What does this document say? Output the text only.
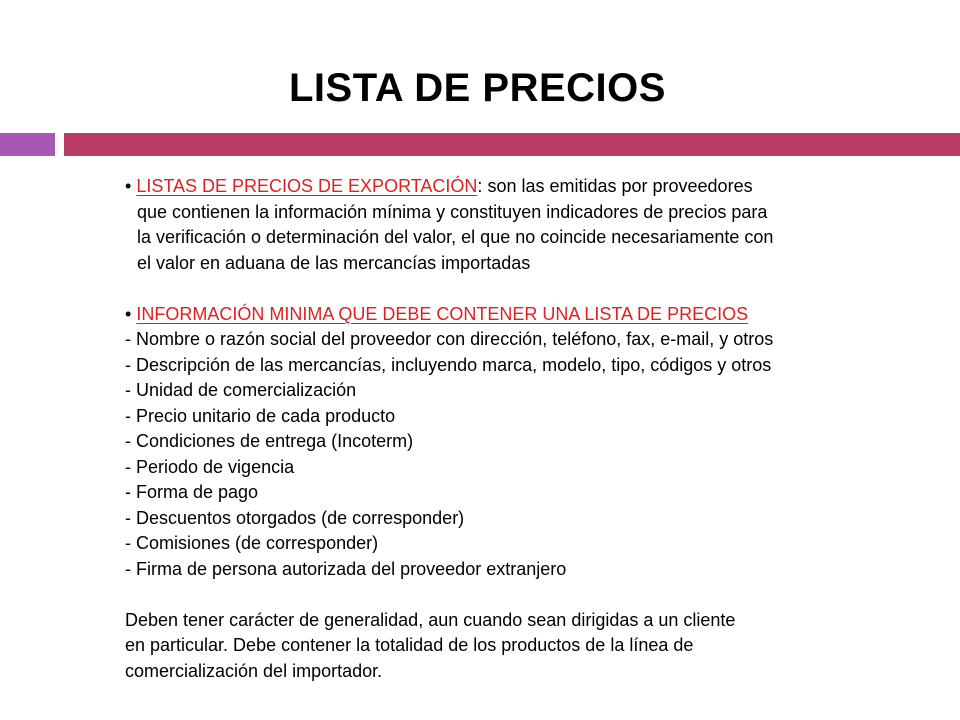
LISTA DE PRECIOS
• LISTAS DE PRECIOS DE EXPORTACIÓN: son las emitidas por proveedores
que contienen la información mínima y constituyen indicadores de precios para
la verificación o determinación del valor, el que no coincide necesariamente con
el valor en aduana de las mercancías importadas
• INFORMACIÓN MINIMA QUE DEBE CONTENER UNA LISTA DE PRECIOS
- Nombre o razón social del proveedor con dirección, teléfono, fax, e-mail, y otros
- Descripción de las mercancías, incluyendo marca, modelo, tipo, códigos y otros
- Unidad de comercialización
- Precio unitario de cada producto
- Condiciones de entrega (Incoterm)
- Periodo de vigencia
- Forma de pago
- Descuentos otorgados (de corresponder)
- Comisiones (de corresponder)
- Firma de persona autorizada del proveedor extranjero
Deben tener carácter de generalidad, aun cuando sean dirigidas a un cliente
en particular. Debe contener la totalidad de los productos de la línea de
comercialización del importador.
